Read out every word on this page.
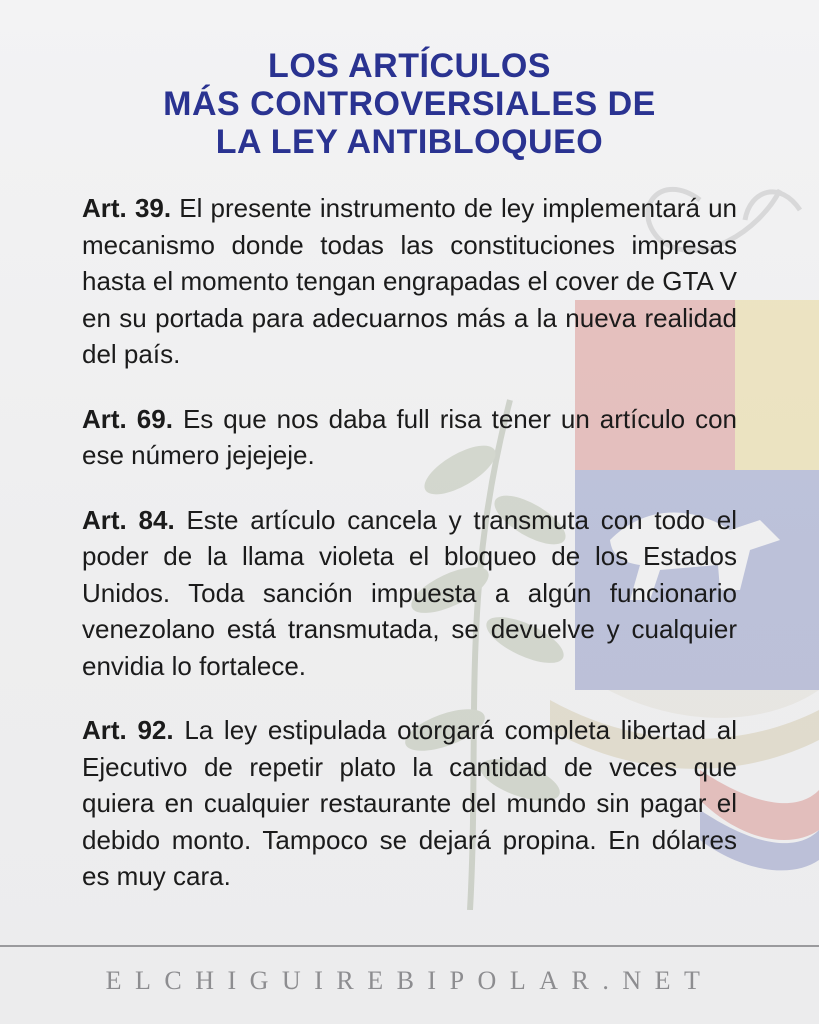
LOS ARTÍCULOS
MÁS CONTROVERSIALES DE
LA LEY ANTIBLOQUEO

Art. 39. El presente instrumento de ley implementará un mecanismo donde todas las constituciones impresas hasta el momento tengan engrapadas el cover de GTA V en su portada para adecuarnos más a la nueva realidad del país.

Art. 69. Es que nos daba full risa tener un artículo con ese número jejejeje.

Art. 84. Este artículo cancela y transmuta con todo el poder de la llama violeta el bloqueo de los Estados Unidos. Toda sanción impuesta a algún funcionario venezolano está transmutada, se devuelve y cualquier envidia lo fortalece.

Art. 92. La ley estipulada otorgará completa libertad al Ejecutivo de repetir plato la cantidad de veces que quiera en cualquier restaurante del mundo sin pagar el debido monto. Tampoco se dejará propina. En dólares es muy cara.

ELCHIGUIREBIPOLAR.NET
